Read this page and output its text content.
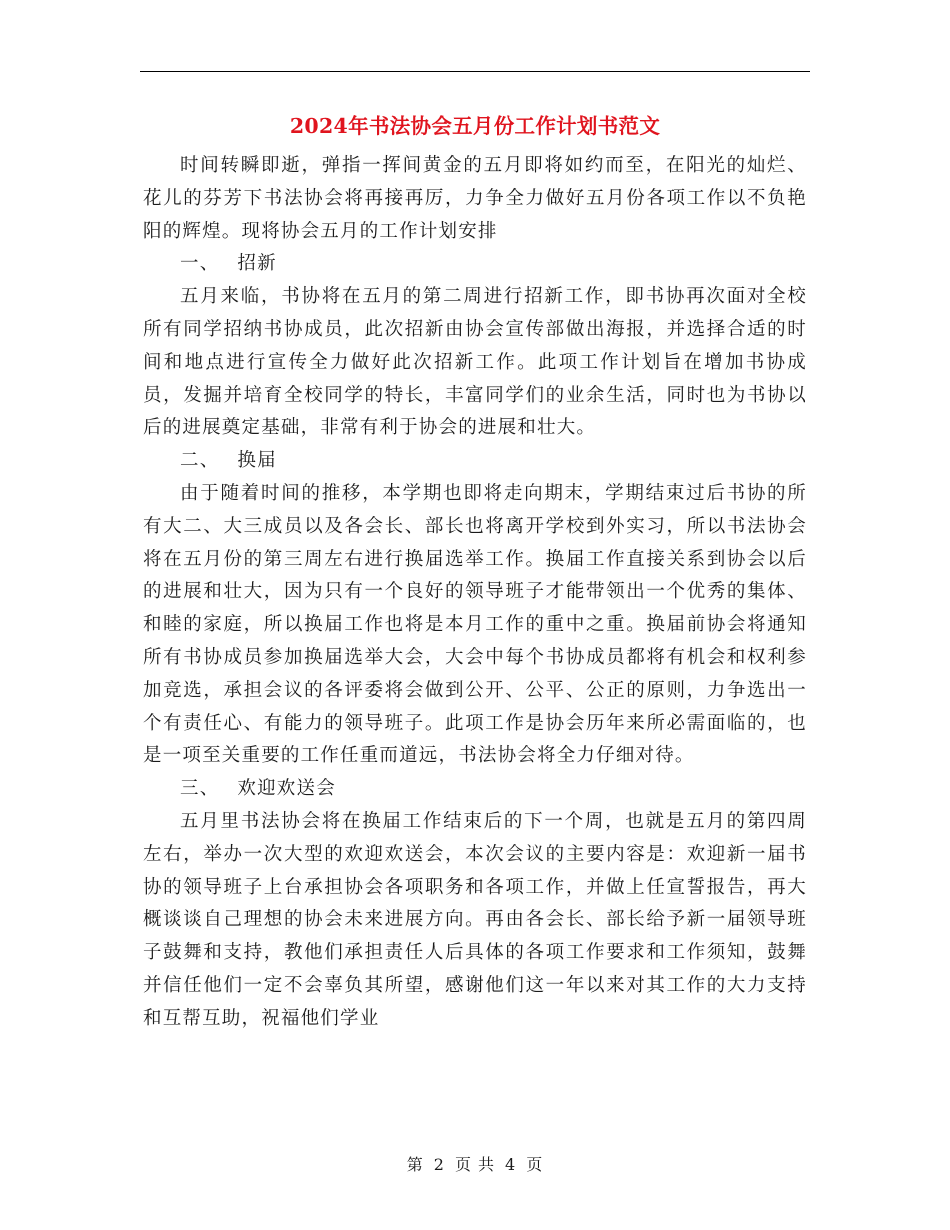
2024年书法协会五月份工作计划书范文

时间转瞬即逝，弹指一挥间黄金的五月即将如约而至，在阳光的灿烂、花儿的芬芳下书法协会将再接再厉，力争全力做好五月份各项工作以不负艳阳的辉煌。现将协会五月的工作计划安排

一、 招新

五月来临，书协将在五月的第二周进行招新工作，即书协再次面对全校所有同学招纳书协成员，此次招新由协会宣传部做出海报，并选择合适的时间和地点进行宣传全力做好此次招新工作。此项工作计划旨在增加书协成员，发掘并培育全校同学的特长，丰富同学们的业余生活，同时也为书协以后的进展奠定基础，非常有利于协会的进展和壮大。

二、 换届

由于随着时间的推移，本学期也即将走向期末，学期结束过后书协的所有大二、大三成员以及各会长、部长也将离开学校到外实习，所以书法协会将在五月份的第三周左右进行换届选举工作。换届工作直接关系到协会以后的进展和壮大，因为只有一个良好的领导班子才能带领出一个优秀的集体、和睦的家庭，所以换届工作也将是本月工作的重中之重。换届前协会将通知所有书协成员参加换届选举大会，大会中每个书协成员都将有机会和权利参加竞选，承担会议的各评委将会做到公开、公平、公正的原则，力争选出一个有责任心、有能力的领导班子。此项工作是协会历年来所必需面临的，也是一项至关重要的工作任重而道远，书法协会将全力仔细对待。

三、 欢迎欢送会

五月里书法协会将在换届工作结束后的下一个周，也就是五月的第四周左右，举办一次大型的欢迎欢送会，本次会议的主要内容是：欢迎新一届书协的领导班子上台承担协会各项职务和各项工作，并做上任宣誓报告，再大概谈谈自己理想的协会未来进展方向。再由各会长、部长给予新一届领导班子鼓舞和支持，教他们承担责任人后具体的各项工作要求和工作须知，鼓舞并信任他们一定不会辜负其所望，感谢他们这一年以来对其工作的大力支持和互帮互助，祝福他们学业

第 2 页 共 4 页
